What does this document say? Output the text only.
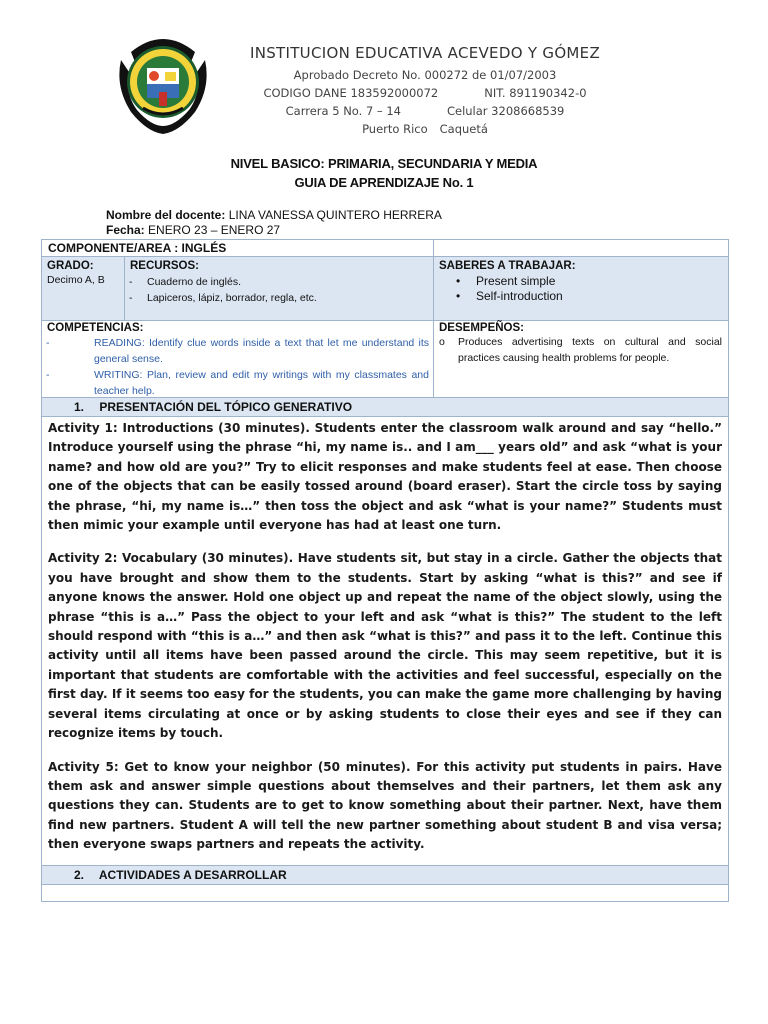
INSTITUCION EDUCATIVA ACEVEDO Y GÓMEZ
Aprobado Decreto No. 000272 de 01/07/2003
CODIGO DANE 183592000072	NIT. 891190342-0
Carrera 5 No. 7 – 14	Celular 3208668539
Puerto Rico Caquetá
NIVEL BASICO: PRIMARIA, SECUNDARIA Y MEDIA
GUIA DE APRENDIZAJE No. 1
Nombre del docente: LINA VANESSA QUINTERO HERRERA
Fecha: ENERO 23 – ENERO 27
COMPONENTE/AREA : INGLÉS
GRADO:
Decimo A, B
RECURSOS:
- Cuaderno de inglés.
- Lapiceros, lápiz, borrador, regla, etc.
SABERES A TRABAJAR:
• Present simple
• Self-introduction
COMPETENCIAS:
- READING: Identify clue words inside a text that let me understand its general sense.
- WRITING: Plan, review and edit my writings with my classmates and teacher help.
DESEMPEÑOS:
o Produces advertising texts on cultural and social practices causing health problems for people.
1. PRESENTACIÓN DEL TÓPICO GENERATIVO

Activity 1: Introductions (30 minutes). Students enter the classroom walk around and say “hello.” Introduce yourself using the phrase “hi, my name is.. and I am___ years old” and ask “what is your name? and how old are you?” Try to elicit responses and make students feel at ease. Then choose one of the objects that can be easily tossed around (board eraser). Start the circle toss by saying the phrase, “hi, my name is…” then toss the object and ask “what is your name?” Students must then mimic your example until everyone has had at least one turn.

Activity 2: Vocabulary (30 minutes). Have students sit, but stay in a circle. Gather the objects that you have brought and show them to the students. Start by asking “what is this?” and see if anyone knows the answer. Hold one object up and repeat the name of the object slowly, using the phrase “this is a…” Pass the object to your left and ask “what is this?” The student to the left should respond with “this is a…” and then ask “what is this?” and pass it to the left. Continue this activity until all items have been passed around the circle. This may seem repetitive, but it is important that students are comfortable with the activities and feel successful, especially on the first day. If it seems too easy for the students, you can make the game more challenging by having several items circulating at once or by asking students to close their eyes and see if they can recognize items by touch.

Activity 5: Get to know your neighbor (50 minutes). For this activity put students in pairs. Have them ask and answer simple questions about themselves and their partners, let them ask any questions they can. Students are to get to know something about their partner. Next, have them find new partners. Student A will tell the new partner something about student B and visa versa; then everyone swaps partners and repeats the activity.

2. ACTIVIDADES A DESARROLLAR
